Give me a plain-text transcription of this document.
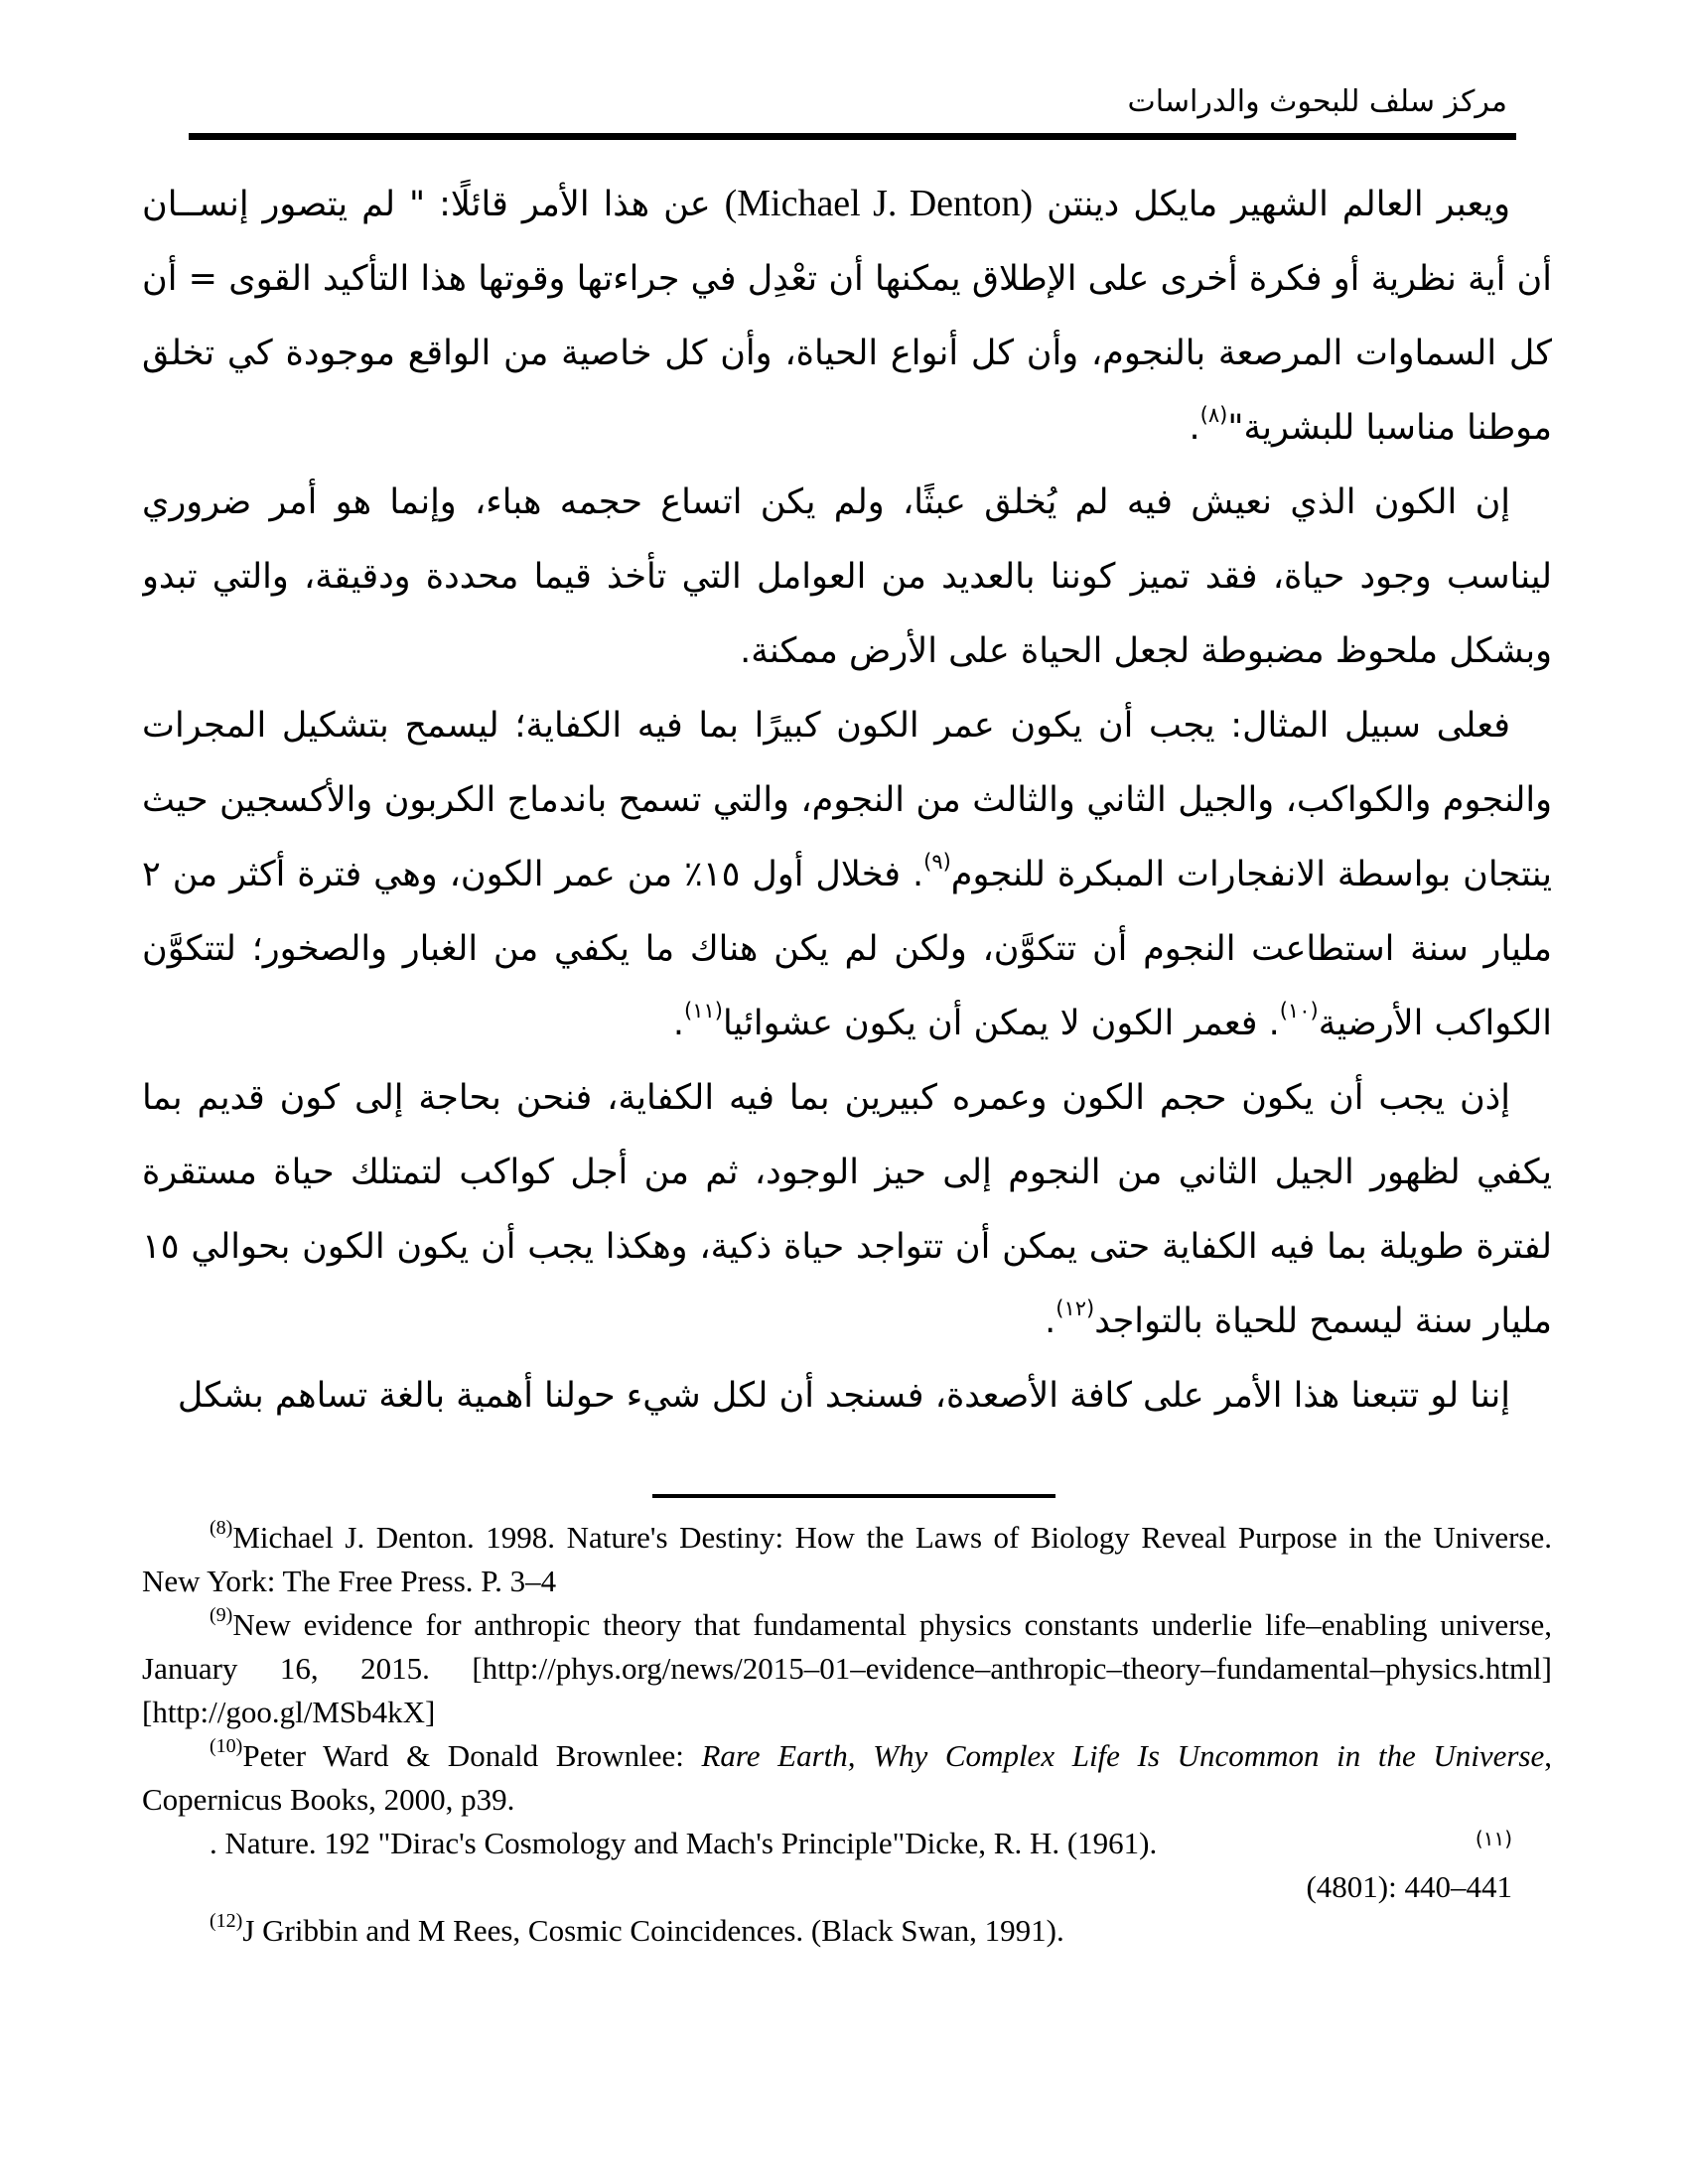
مركز سلف للبحوث والدراسات

ويعبر العالم الشهير مايكل دينتن (Michael J. Denton) عن هذا الأمر قائلًا: " لم يتصور إنســان أن أية نظرية أو فكرة أخرى على الإطلاق يمكنها أن تعْدِل في جراءتها وقوتها هذا التأكيد القوى = أن كل السماوات المرصعة بالنجوم، وأن كل أنواع الحياة، وأن كل خاصية من الواقع موجودة كي تخلق موطنا مناسبا للبشرية"$^{(٨)}$.

إن الكون الذي نعيش فيه لم يُخلق عبثًا، ولم يكن اتساع حجمه هباء، وإنما هو أمر ضروري ليناسب وجود حياة، فقد تميز كوننا بالعديد من العوامل التي تأخذ قيما محددة ودقيقة، والتي تبدو وبشكل ملحوظ مضبوطة لجعل الحياة على الأرض ممكنة.

فعلى سبيل المثال: يجب أن يكون عمر الكون كبيرًا بما فيه الكفاية؛ ليسمح بتشكيل المجرات والنجوم والكواكب، والجيل الثاني والثالث من النجوم، والتي تسمح باندماج الكربون والأكسجين حيث ينتجان بواسطة الانفجارات المبكرة للنجوم$^{(٩)}$. فخلال أول ١٥٪ من عمر الكون، وهي فترة أكثر من ٢ مليار سنة استطاعت النجوم أن تتكوَّن، ولكن لم يكن هناك ما يكفي من الغبار والصخور؛ لتتكوَّن الكواكب الأرضية$^{(١٠)}$. فعمر الكون لا يمكن أن يكون عشوائيا$^{(١١)}$.

إذن يجب أن يكون حجم الكون وعمره كبيرين بما فيه الكفاية، فنحن بحاجة إلى كون قديم بما يكفي لظهور الجيل الثاني من النجوم إلى حيز الوجود، ثم من أجل كواكب لتمتلك حياة مستقرة لفترة طويلة بما فيه الكفاية حتى يمكن أن تتواجد حياة ذكية، وهكذا يجب أن يكون الكون بحوالي ١٥ مليار سنة ليسمح للحياة بالتواجد$^{(١٢)}$.

إننا لو تتبعنا هذا الأمر على كافة الأصعدة، فسنجد أن لكل شيء حولنا أهمية بالغة تساهم بشكل

$^{(8)}$Michael J. Denton. 1998. Nature's Destiny: How the Laws of Biology Reveal Purpose in the Universe. New York: The Free Press. P. 3–4

$^{(9)}$New evidence for anthropic theory that fundamental physics constants underlie life–enabling universe, January 16, 2015. [http://phys.org/news/2015–01–evidence–anthropic–theory–fundamental–physics.html] [http://goo.gl/MSb4kX]

$^{(10)}$Peter Ward & Donald Brownlee: Rare Earth, Why Complex Life Is Uncommon in the Universe, Copernicus Books, 2000, p39.

. Nature. 192 "Dirac's Cosmology and Mach's Principle"Dicke, R. H. (1961).	$^{(١١)}$

(4801): 440–441

$^{(12)}$J Gribbin and M Rees, Cosmic Coincidences. (Black Swan, 1991).
